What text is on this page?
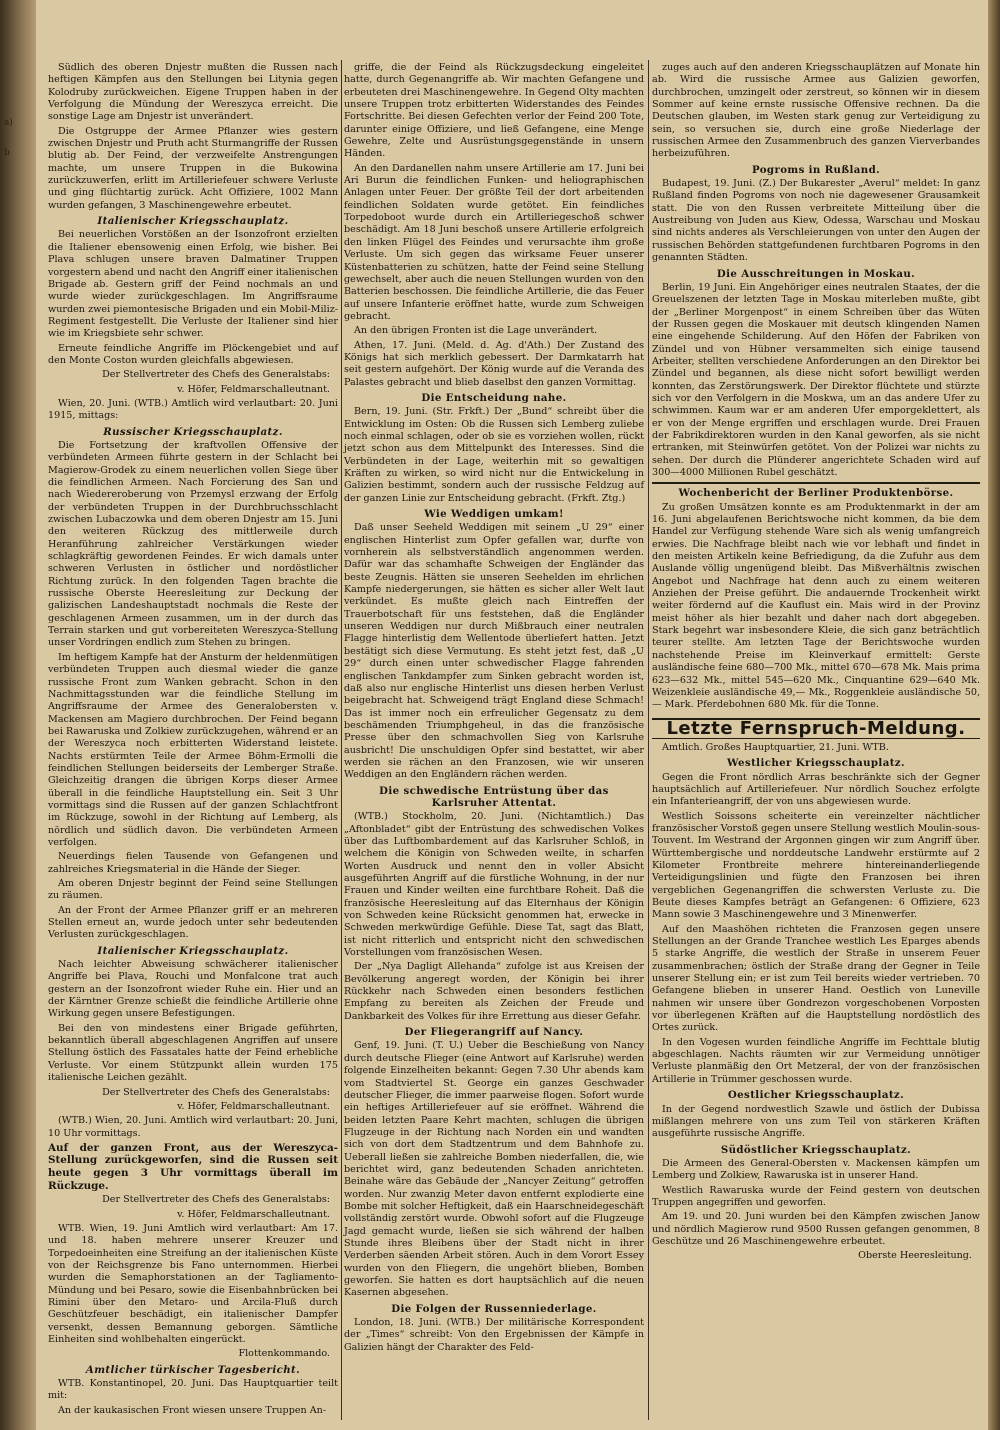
a)
b

Südlich des oberen Dnjestr mußten die Russen nach heftigen Kämpfen aus den Stellungen bei Litynia gegen Kolodruby zurückweichen. Eigene Truppen haben in der Verfolgung die Mündung der Wereszyca erreicht. Die sonstige Lage am Dnjestr ist unverändert.

Die Ostgruppe der Armee Pflanzer wies gestern zwischen Dnjestr und Pruth acht Sturmangriffe der Russen blutig ab. Der Feind, der verzweifelte Anstrengungen machte, um unsere Truppen in die Bukowina zurückzuwerfen, erlitt im Artilleriefeuer schwere Verluste und ging flüchtartig zurück. Acht Offiziere, 1002 Mann wurden gefangen, 3 Maschinengewehre erbeutet.

Italienischer Kriegsschauplatz.

Bei neuerlichen Vorstößen an der Isonzofront erzielten die Italiener ebensowenig einen Erfolg, wie bisher. Bei Plava schlugen unsere braven Dalmatiner Truppen vorgestern abend und nacht den Angriff einer italienischen Brigade ab. Gestern griff der Feind nochmals an und wurde wieder zurückgeschlagen. Im Angriffsraume wurden zwei piemontesische Brigaden und ein Mobil-Miliz-Regiment festgestellt. Die Verluste der Italiener sind hier wie im Kriegsbiete sehr schwer.

Erneute feindliche Angriffe im Plöckengebiet und auf den Monte Coston wurden gleichfalls abgewiesen.

Der Stellvertreter des Chefs des Generalstabs:

v. Höfer, Feldmarschalleutnant.

Wien, 20. Juni. (WTB.) Amtlich wird verlautbart: 20. Juni 1915, mittags:

Russischer Kriegsschauplatz.

Die Fortsetzung der kraftvollen Offensive der verbündeten Armeen führte gestern in der Schlacht bei Magierow-Grodek zu einem neuerlichen vollen Siege über die feindlichen Armeen. Nach Forcierung des San und nach Wiedereroberung von Przemysl erzwang der Erfolg der verbündeten Truppen in der Durchbruchsschlacht zwischen Lubaczowka und dem oberen Dnjestr am 15. Juni den weiteren Rückzug des mittlerweile durch Heranführung zahlreicher Verstärkungen wieder schlagkräftig gewordenen Feindes. Er wich damals unter schweren Verlusten in östlicher und nordöstlicher Richtung zurück. In den folgenden Tagen brachte die russische Oberste Heeresleitung zur Deckung der galizischen Landeshauptstadt nochmals die Reste der geschlagenen Armeen zusammen, um in der durch das Terrain starken und gut vorbereiteten Wereszyca-Stellung unser Vordringen endlich zum Stehen zu bringen.

Im heftigem Kampfe hat der Ansturm der heldenmütigen verbündeten Truppen auch diesmal wieder die ganze russische Front zum Wanken gebracht. Schon in den Nachmittagsstunden war die feindliche Stellung im Angriffsraume der Armee des Generalobersten v. Mackensen am Magiero durchbrochen. Der Feind begann bei Rawaruska und Zolkiew zurückzugehen, während er an der Wereszyca noch erbitterten Widerstand leistete. Nachts erstürmten Teile der Armee Böhm-Ermolli die feindlichen Stellungen beiderseits der Lemberger Straße. Gleichzeitig drangen die übrigen Korps dieser Armee überall in die feindliche Hauptstellung ein. Seit 3 Uhr vormittags sind die Russen auf der ganzen Schlachtfront im Rückzuge, sowohl in der Richtung auf Lemberg, als nördlich und südlich davon. Die verbündeten Armeen verfolgen.

Neuerdings fielen Tausende von Gefangenen und zahlreiches Kriegsmaterial in die Hände der Sieger.

Am oberen Dnjestr beginnt der Feind seine Stellungen zu räumen.

An der Front der Armee Pflanzer griff er an mehreren Stellen erneut an, wurde jedoch unter sehr bedeutenden Verlusten zurückgeschlagen.

Italienischer Kriegsschauplatz.

Nach leichter Abweisung schwächerer italienischer Angriffe bei Plava, Rouchi und Monfalcone trat auch gestern an der Isonzofront wieder Ruhe ein. Hier und an der Kärntner Grenze schießt die feindliche Artillerie ohne Wirkung gegen unsere Befestigungen.

Bei den von mindestens einer Brigade geführten, bekanntlich überall abgeschlagenen Angriffen auf unsere Stellung östlich des Fassatales hatte der Feind erhebliche Verluste. Vor einem Stützpunkt allein wurden 175 italienische Leichen gezählt.

Der Stellvertreter des Chefs des Generalstabs:

v. Höfer, Feldmarschalleutnant.

(WTB.) Wien, 20. Juni. Amtlich wird verlautbart: 20. Juni, 10 Uhr vormittags.

Auf der ganzen Front, aus der Wereszyca-Stellung zurückgeworfen, sind die Russen seit heute gegen 3 Uhr vormittags überall im Rückzuge.

Der Stellvertreter des Chefs des Generalstabs:

v. Höfer, Feldmarschalleutnant.

WTB. Wien, 19. Juni Amtlich wird verlautbart: Am 17. und 18. haben mehrere unserer Kreuzer und Torpedoeinheiten eine Streifung an der italienischen Küste von der Reichsgrenze bis Fano unternommen. Hierbei wurden die Semaphorstationen an der Tagliamento-Mündung und bei Pesaro, sowie die Eisenbahnbrücken bei Rimini über den Metaro- und Arcila-Fluß durch Geschützfeuer beschädigt, ein italienischer Dampfer versenkt, dessen Bemannung geborgen. Sämtliche Einheiten sind wohlbehalten eingerückt.

Flottenkommando.

Amtlicher türkischer Tagesbericht.

WTB. Konstantinopel, 20. Juni. Das Hauptquartier teilt mit:

An der kaukasischen Front wiesen unsere Truppen An-

griffe, die der Feind als Rückzugsdeckung eingeleitet hatte, durch Gegenangriffe ab. Wir machten Gefangene und erbeuteten drei Maschinengewehre. In Gegend Olty machten unsere Truppen trotz erbitterten Widerstandes des Feindes Fortschritte. Bei diesen Gefechten verlor der Feind 200 Tote, darunter einige Offiziere, und ließ Gefangene, eine Menge Gewehre, Zelte und Ausrüstungsgegenstände in unsern Händen.

An den Dardanellen nahm unsere Artillerie am 17. Juni bei Ari Burun die feindlichen Funken- und heliographischen Anlagen unter Feuer. Der größte Teil der dort arbeitenden feindlichen Soldaten wurde getötet. Ein feindliches Torpedoboot wurde durch ein Artilleriegeschoß schwer beschädigt. Am 18 Juni beschoß unsere Artillerie erfolgreich den linken Flügel des Feindes und verursachte ihm große Verluste. Um sich gegen das wirksame Feuer unserer Küstenbatterien zu schützen, hatte der Feind seine Stellung gewechselt, aber auch die neuen Stellungen wurden von den Batterien beschossen. Die feindliche Artillerie, die das Feuer auf unsere Infanterie eröffnet hatte, wurde zum Schweigen gebracht.

An den übrigen Fronten ist die Lage unverändert.

Athen, 17. Juni. (Meld. d. Ag. d'Ath.) Der Zustand des Königs hat sich merklich gebessert. Der Darmkatarrh hat seit gestern aufgehört. Der König wurde auf die Veranda des Palastes gebracht und blieb daselbst den ganzen Vormittag.

Die Entscheidung nahe.

Bern, 19. Juni. (Str. Frkft.) Der „Bund“ schreibt über die Entwicklung im Osten: Ob die Russen sich Lemberg zuliebe noch einmal schlagen, oder ob sie es vorziehen wollen, rückt jetzt schon aus dem Mittelpunkt des Interesses. Sind die Verbündeten in der Lage, weiterhin mit so gewaltigen Kräften zu wirken, so wird nicht nur die Entwickelung in Galizien bestimmt, sondern auch der russische Feldzug auf der ganzen Linie zur Entscheidung gebracht. (Frkft. Ztg.)

Wie Weddigen umkam!

Daß unser Seeheld Weddigen mit seinem „U 29“ einer englischen Hinterlist zum Opfer gefallen war, durfte von vornherein als selbstverständlich angenommen werden. Dafür war das schamhafte Schweigen der Engländer das beste Zeugnis. Hätten sie unseren Seehelden im ehrlichen Kampfe niedergerungen, sie hätten es sicher aller Welt laut verkündet. Es mußte gleich nach Eintreffen der Trauerbotschaft für uns feststehen, daß die Engländer unseren Weddigen nur durch Mißbrauch einer neutralen Flagge hinterlistig dem Wellentode überliefert hatten. Jetzt bestätigt sich diese Vermutung. Es steht jetzt fest, daß „U 29“ durch einen unter schwedischer Flagge fahrenden englischen Tankdampfer zum Sinken gebracht worden ist, daß also nur englische Hinterlist uns diesen herben Verlust beigebracht hat. Schweigend trägt England diese Schmach! Das ist immer noch ein erfreulicher Gegensatz zu dem beschämenden Triumphgeheul, in das die französische Presse über den schmachvollen Sieg von Karlsruhe ausbricht! Die unschuldigen Opfer sind bestattet, wir aber werden sie rächen an den Franzosen, wie wir unseren Weddigen an den Engländern rächen werden.

Die schwedische Entrüstung über das Karlsruher Attentat.

(WTB.) Stockholm, 20. Juni. (Nichtamtlich.) Das „Aftonbladet“ gibt der Entrüstung des schwedischen Volkes über das Luftbombardement auf das Karlsruher Schloß, in welchem die Königin von Schweden weilte, in scharfen Worten Ausdruck und nennt den in voller Absicht ausgeführten Angriff auf die fürstliche Wohnung, in der nur Frauen und Kinder weilten eine furchtbare Roheit. Daß die französische Heeresleitung auf das Elternhaus der Königin von Schweden keine Rücksicht genommen hat, erwecke in Schweden merkwürdige Gefühle. Diese Tat, sagt das Blatt, ist nicht ritterlich und entspricht nicht den schwedischen Vorstellungen vom französischen Wesen.

Der „Nya Dagligt Allehanda“ zufolge ist aus Kreisen der Bevölkerung angeregt worden, der Königin bei ihrer Rückkehr nach Schweden einen besonders festlichen Empfang zu bereiten als Zeichen der Freude und Dankbarkeit des Volkes für ihre Errettung aus dieser Gefahr.

Der Fliegerangriff auf Nancy.

Genf, 19. Juni. (T. U.) Ueber die Beschießung von Nancy durch deutsche Flieger (eine Antwort auf Karlsruhe) werden folgende Einzelheiten bekannt: Gegen 7.30 Uhr abends kam vom Stadtviertel St. George ein ganzes Geschwader deutscher Flieger, die immer paarweise flogen. Sofort wurde ein heftiges Artilleriefeuer auf sie eröffnet. Während die beiden letzten Paare Kehrt machten, schlugen die übrigen Flugzeuge in der Richtung nach Norden ein und wandten sich von dort dem Stadtzentrum und dem Bahnhofe zu. Ueberall ließen sie zahlreiche Bomben niederfallen, die, wie berichtet wird, ganz bedeutenden Schaden anrichteten. Beinahe wäre das Gebäude der „Nancyer Zeitung“ getroffen worden. Nur zwanzig Meter davon entfernt explodierte eine Bombe mit solcher Heftigkeit, daß ein Haarschneidegeschäft vollständig zerstört wurde. Obwohl sofort auf die Flugzeuge Jagd gemacht wurde, ließen sie sich während der halben Stunde ihres Bleibens über der Stadt nicht in ihrer Verderben säenden Arbeit stören. Auch in dem Vorort Essey wurden von den Fliegern, die ungehört blieben, Bomben geworfen. Sie hatten es dort hauptsächlich auf die neuen Kasernen abgesehen.

Die Folgen der Russenniederlage.

London, 18. Juni. (WTB.) Der militärische Korrespondent der „Times“ schreibt: Von den Ergebnissen der Kämpfe in Galizien hängt der Charakter des Feld-

zuges auch auf den anderen Kriegsschauplätzen auf Monate hin ab. Wird die russische Armee aus Galizien geworfen, durchbrochen, umzingelt oder zerstreut, so können wir in diesem Sommer auf keine ernste russische Offensive rechnen. Da die Deutschen glauben, im Westen stark genug zur Verteidigung zu sein, so versuchen sie, durch eine große Niederlage der russischen Armee den Zusammenbruch des ganzen Vierverbandes herbeizuführen.

Pogroms in Rußland.

Budapest, 19. Juni. (Z.) Der Bukarester „Averul“ meldet: In ganz Rußland finden Pogroms von noch nie dagewesener Grausamkeit statt. Die von den Russen verbreitete Mitteilung über die Austreibung von Juden aus Kiew, Odessa, Warschau und Moskau sind nichts anderes als Verschleierungen von unter den Augen der russischen Behörden stattgefundenen furchtbaren Pogroms in den genannten Städten.

Die Ausschreitungen in Moskau.

Berlin, 19 Juni. Ein Angehöriger eines neutralen Staates, der die Greuelszenen der letzten Tage in Moskau miterleben mußte, gibt der „Berliner Morgenpost“ in einem Schreiben über das Wüten der Russen gegen die Moskauer mit deutsch klingenden Namen eine eingehende Schilderung. Auf den Höfen der Fabriken von Zündel und von Hübner versammelten sich einige tausend Arbeiter, stellten verschiedene Anforderungen an den Direktor bei Zündel und begannen, als diese nicht sofort bewilligt werden konnten, das Zerstörungswerk. Der Direktor flüchtete und stürzte sich vor den Verfolgern in die Moskwa, um an das andere Ufer zu schwimmen. Kaum war er am anderen Ufer emporgeklettert, als er von der Menge ergriffen und erschlagen wurde. Drei Frauen der Fabrikdirektoren wurden in den Kanal geworfen, als sie nicht ertranken, mit Steinwürfen getötet. Von der Polizei war nichts zu sehen. Der durch die Plünderer angerichtete Schaden wird auf 300—4000 Millionen Rubel geschätzt.

Wochenbericht der Berliner Produktenbörse.

Zu großen Umsätzen konnte es am Produktenmarkt in der am 16. Juni abgelaufenen Berichtswoche nicht kommen, da bie dem Handel zur Verfügung stehende Ware sich als wenig umfangreich erwies. Die Nachfrage bleibt nach wie vor lebhaft und findet in den meisten Artikeln keine Befriedigung, da die Zufuhr aus dem Auslande völlig ungenügend bleibt. Das Mißverhältnis zwischen Angebot und Nachfrage hat denn auch zu einem weiteren Anziehen der Preise geführt. Die andauernde Trockenheit wirkt weiter fördernd auf die Kauflust ein. Mais wird in der Provinz meist höher als hier bezahlt und daher nach dort abgegeben. Stark begehrt war insbesondere Kleie, die sich ganz beträchtlich teurer stellte. Am letzten Tage der Berichtswoche wurden nachstehende Preise im Kleinverkauf ermittelt: Gerste ausländische feine 680—700 Mk., mittel 670—678 Mk. Mais prima 623—632 Mk., mittel 545—620 Mk., Cinquantine 629—640 Mk. Weizenkleie ausländische 49,— Mk., Roggenkleie ausländische 50,— Mark. Pferdebohnen 680 Mk. für die Tonne.

Letzte Fernspruch-Meldung.

Amtlich. Großes Hauptquartier, 21. Juni. WTB.

Westlicher Kriegsschauplatz.

Gegen die Front nördlich Arras beschränkte sich der Gegner hauptsächlich auf Artilleriefeuer. Nur nördlich Souchez erfolgte ein Infanterieangriff, der von uns abgewiesen wurde.

Westlich Soissons scheiterte ein vereinzelter nächtlicher französischer Vorstoß gegen unsere Stellung westlich Moulin-sous-Touvent. Im Westrand der Argonnen gingen wir zum Angriff über. Württembergische und norddeutsche Landwehr erstürmte auf 2 Kilometer Frontbreite mehrere hintereinanderliegende Verteidigungslinien und fügte den Franzosen bei ihren vergeblichen Gegenangriffen die schwersten Verluste zu. Die Beute dieses Kampfes beträgt an Gefangenen: 6 Offiziere, 623 Mann sowie 3 Maschinengewehre und 3 Minenwerfer.

Auf den Maashöhen richteten die Franzosen gegen unsere Stellungen an der Grande Tranchee westlich Les Eparges abends 5 starke Angriffe, die westlich der Straße in unserem Feuer zusammenbrachen; östlich der Straße drang der Gegner in Teile unserer Stellung ein; er ist zum Teil bereits wieder vertrieben. 70 Gefangene blieben in unserer Hand. Oestlich von Luneville nahmen wir unsere über Gondrezon vorgeschobenen Vorposten vor überlegenen Kräften auf die Hauptstellung nordöstlich des Ortes zurück.

In den Vogesen wurden feindliche Angriffe im Fechttale blutig abgeschlagen. Nachts räumten wir zur Vermeidung unnötiger Verluste planmäßig den Ort Metzeral, der von der französischen Artillerie in Trümmer geschossen wurde.

Oestlicher Kriegsschauplatz.

In der Gegend nordwestlich Szawle und östlich der Dubissa mißlangen mehrere von uns zum Teil von stärkeren Kräften ausgeführte russische Angriffe.

Südöstlicher Kriegsschauplatz.

Die Armeen des General-Obersten v. Mackensen kämpfen um Lemberg und Zolkiew, Rawaruska ist in unserer Hand.

Westlich Rawaruska wurde der Feind gestern von deutschen Truppen angegriffen und geworfen.

Am 19. und 20. Juni wurden bei den Kämpfen zwischen Janow und nördlich Magierow rund 9500 Russen gefangen genommen, 8 Geschütze und 26 Maschinengewehre erbeutet.

Oberste Heeresleitung.
